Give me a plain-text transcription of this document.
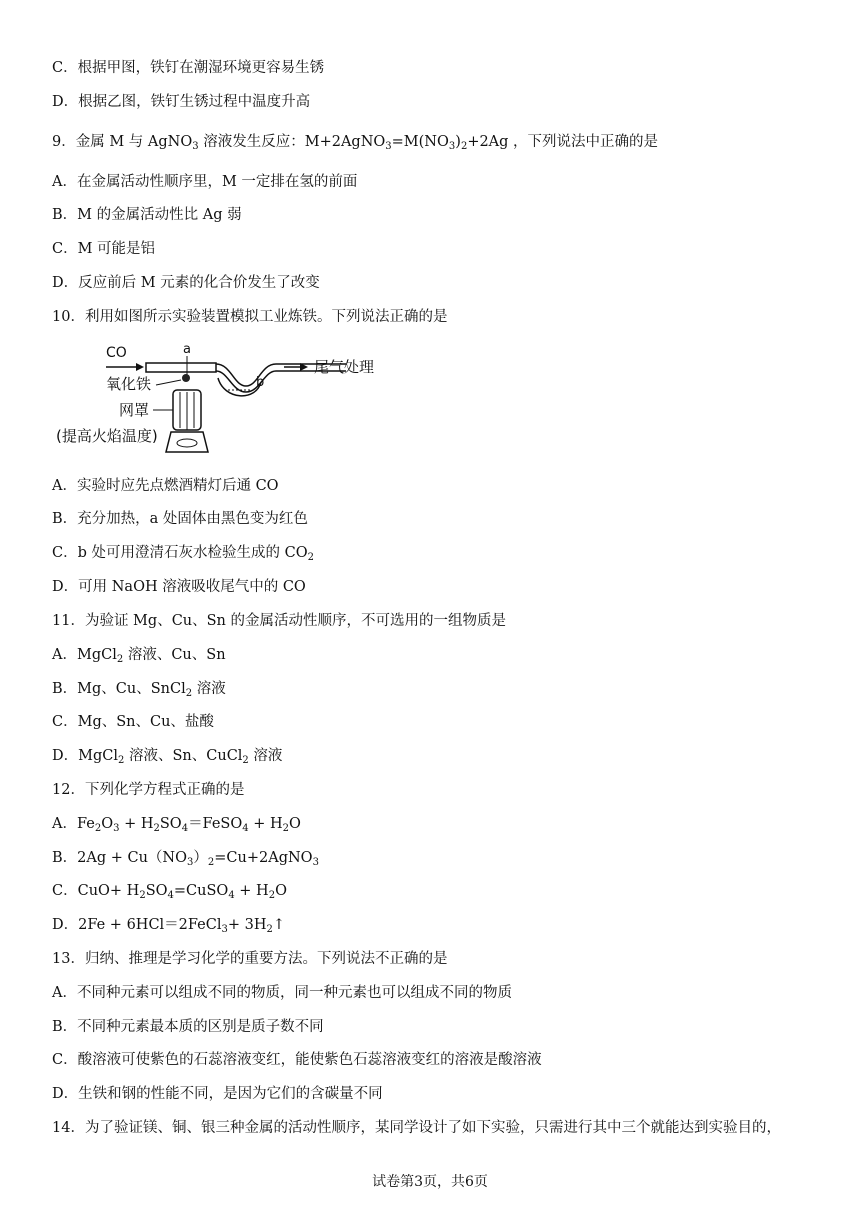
C．根据甲图，铁钉在潮湿环境更容易生锈
D．根据乙图，铁钉生锈过程中温度升高
9．金属 M 与 AgNO$_3$ 溶液发生反应：$M+2AgNO_3=M(NO_3)_2+2Ag$ ，下列说法中正确的是
A．在金属活动性顺序里，M 一定排在氢的前面
B．M 的金属活动性比 Ag 弱
C．M 可能是铝
D．反应前后 M 元素的化合价发生了改变
10．利用如图所示实验装置模拟工业炼铁。下列说法正确的是
CO	a
b
尾气处理
氧化铁
网罩
(提高火焰温度)
A．实验时应先点燃酒精灯后通 CO
B．充分加热，a 处固体由黑色变为红色
C．b 处可用澄清石灰水检验生成的 $CO_2$
D．可用 NaOH 溶液吸收尾气中的 CO
11．为验证 Mg、Cu、Sn 的金属活动性顺序，不可选用的一组物质是
A．MgCl$_2$ 溶液、Cu、Sn
B．Mg、Cu、SnCl$_2$ 溶液
C．Mg、Sn、Cu、盐酸
D．MgCl$_2$ 溶液、Sn、CuCl$_2$ 溶液
12．下列化学方程式正确的是
A．$Fe_2O_3$ + $H_2SO_4=FeSO_4 + H_2O$
B．$2Ag + Cu(NO_3)_2=Cu+2AgNO_3$
C．$CuO+ H_2SO_4=CuSO_4 + H_2O$
D．2Fe + 6HCl＝2FeCl$_3$+ $3H_2↑$
13．归纳、推理是学习化学的重要方法。下列说法不正确的是
A．不同种元素可以组成不同的物质，同一种元素也可以组成不同的物质
B．不同种元素最本质的区别是质子数不同
C．酸溶液可使紫色的石蕊溶液变红，能使紫色石蕊溶液变红的溶液是酸溶液
D．生铁和钢的性能不同，是因为它们的含碳量不同
14．为了验证镁、铜、银三种金属的活动性顺序，某同学设计了如下实验，只需进行其中三个就能达到实验目的，
试卷第3页，共6页
